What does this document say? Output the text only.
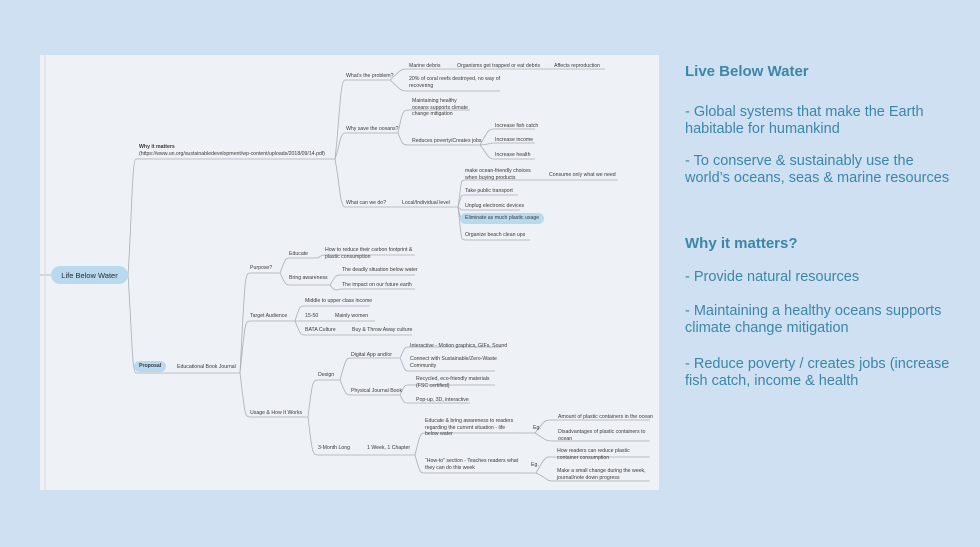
Life Below Water
Why it matters
(https://www.un.org/sustainabledevelopment/wp-content/uploads/2018/09/14.pdf)
What’s the problem?
Marine debris	Organisms get trapped or eat debris	Affects reproduction
20% of coral reefs destroyed, no way of recovering
Why save the oceans?
Maintaining healthy oceans supports climate change mitigation
Reduces poverty/Creates jobs
Increase fish catch
Increase income
Increase health
What can we do?	Local/Individual level
make ocean-friendly choices when buying products	Consume only what we need
Take public transport
Unplug electronic devices
Eliminate as much plastic usage
Organize beach clean ups
Proposal	Educational Book Journal
Purpose?
Educate
How to reduce their carbon footprint & plastic consumption
Bring awareness
The deadly situation below water
The impact on our future earth
Target Audience
Middle to upper class income
15-50	Mainly women
BATA Culture	Buy & Throw Away culture
Usage & How It Works
Design
Digital App and/or
Interactive - Motion graphics, GIFs, Sound
Connect with Sustainable/Zero-Waste Community
Physical Journal Book
Recycled, eco-friendly materials (FSC certified)
Pop-up, 3D, interactive
3-Month Long	1 Week, 1 Chapter
Educate & bring awareness to readers regarding the current situation - life below water
Eg.
Amount of plastic containers in the ocean
Disadvantages of plastic containers to ocean
“How-to” section - Teaches readers what they can do this week	Eg.
How readers can reduce plastic container consumption
Make a small change during the week, journal/note down progress
Live Below Water

- Global systems that make the Earth habitable for humankind

- To conserve & sustainably use the world’s oceans, seas & marine resources

Why it matters?

- Provide natural resources

- Maintaining a healthy oceans supports climate change mitigation

- Reduce poverty / creates jobs (increase fish catch, income & health
